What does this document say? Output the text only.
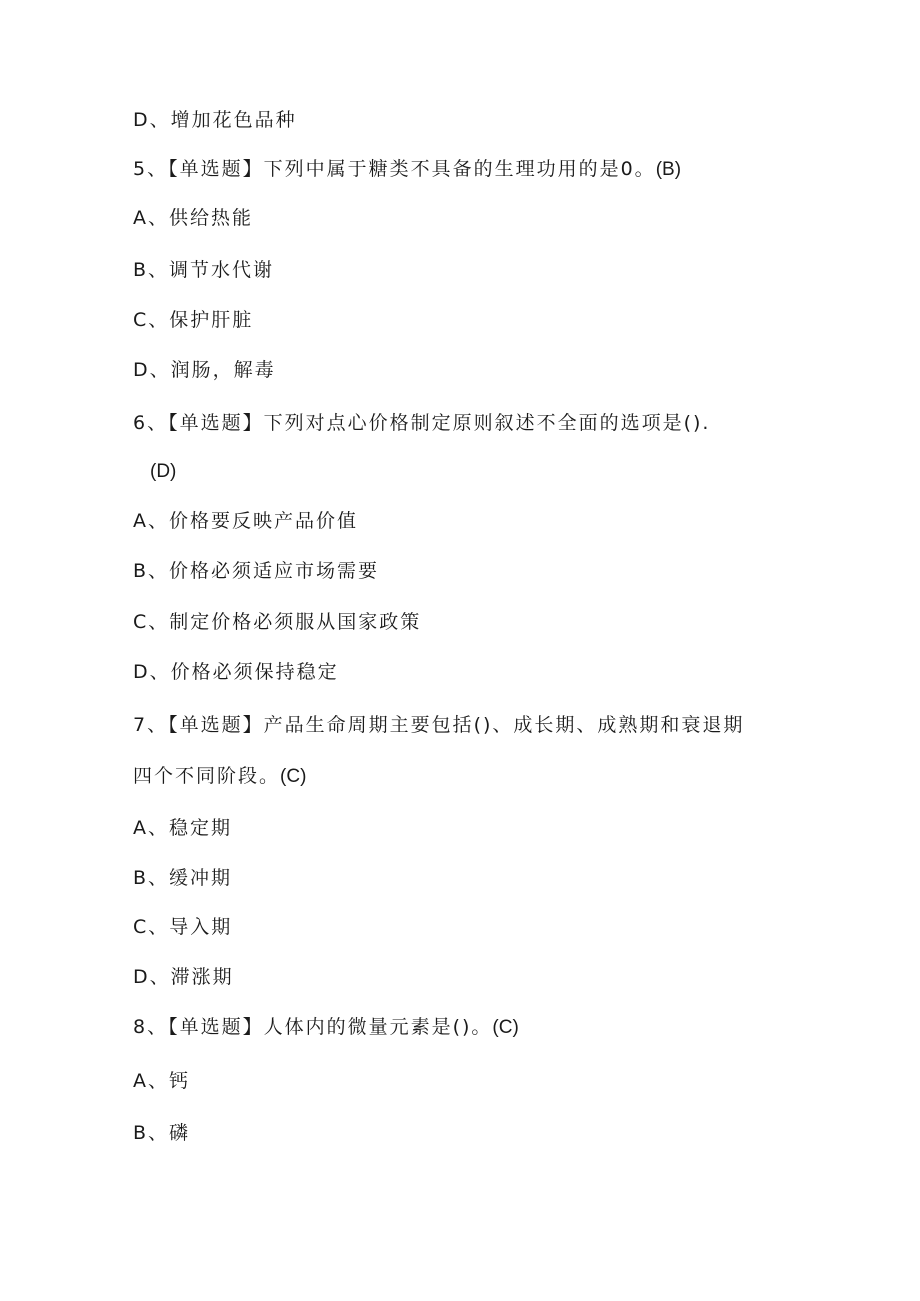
D、增加花色品种
5、【单选题】下列中属于糖类不具备的生理功用的是0。(B)
A、供给热能
B、调节水代谢
C、保护肝脏
D、润肠，解毒
6、【单选题】下列对点心价格制定原则叙述不全面的选项是().
(D)
A、价格要反映产品价值
B、价格必须适应市场需要
C、制定价格必须服从国家政策
D、价格必须保持稳定
7、【单选题】产品生命周期主要包括()、成长期、成熟期和衰退期
四个不同阶段。(C)
A、稳定期
B、缓冲期
C、导入期
D、滞涨期
8、【单选题】人体内的微量元素是()。(C)
A、钙
B、磷
